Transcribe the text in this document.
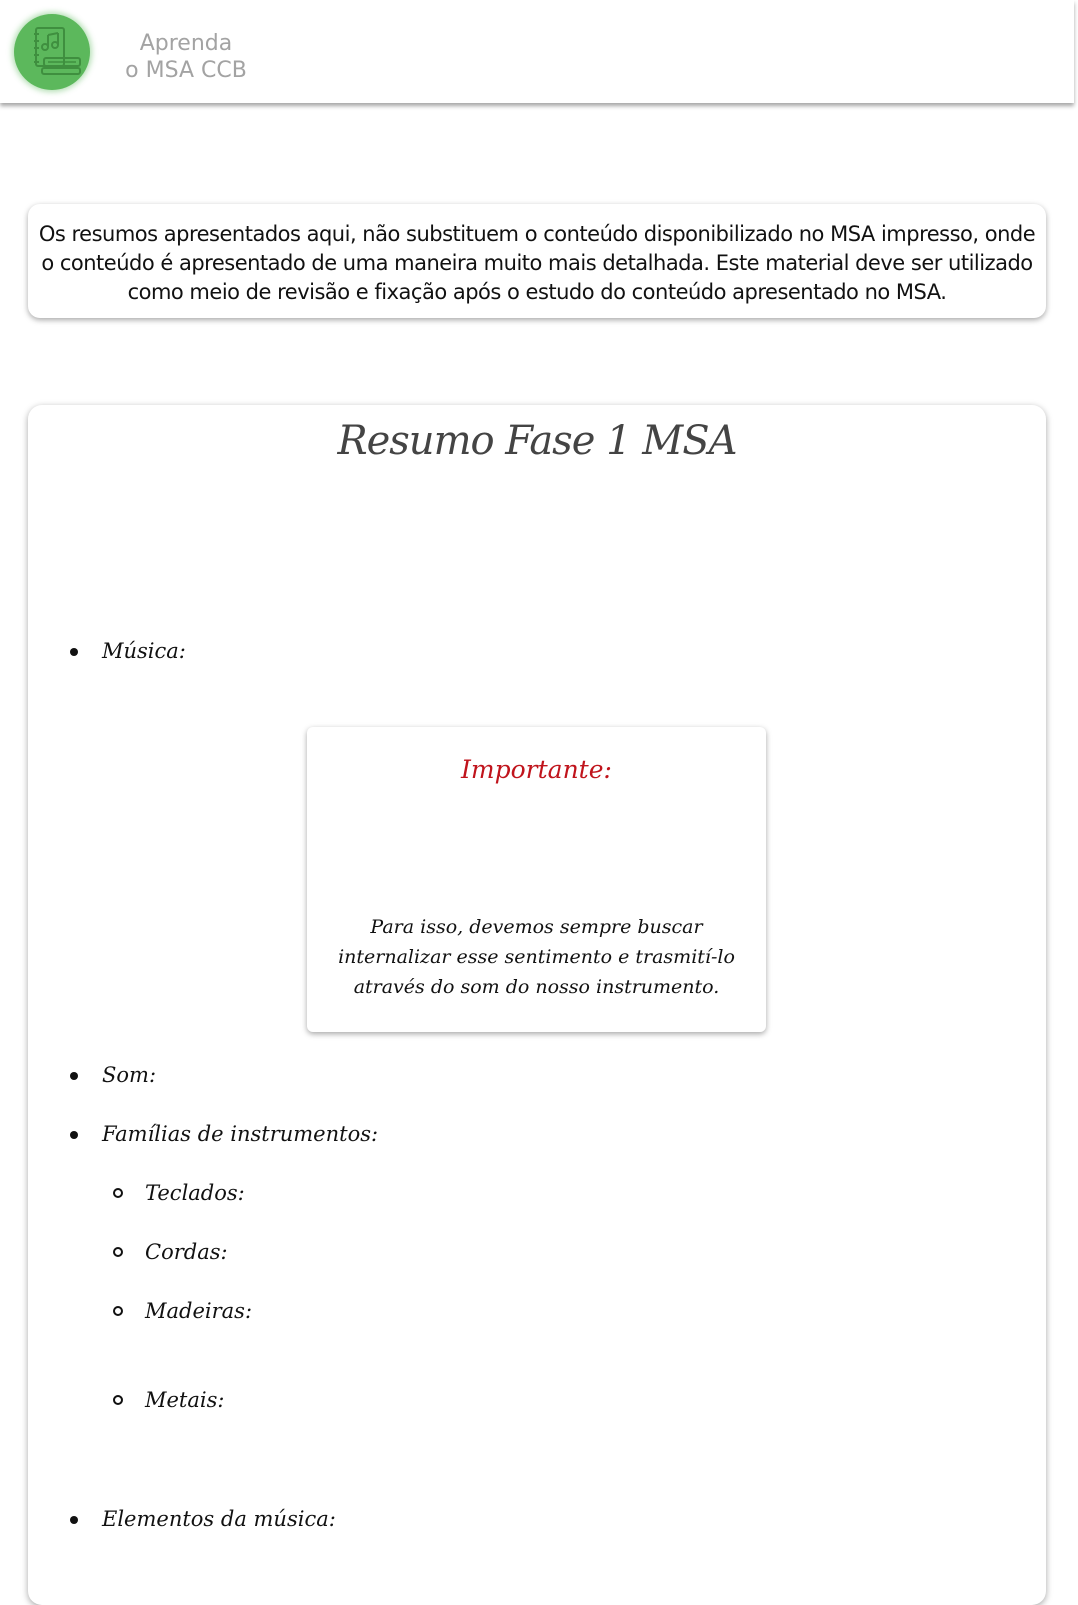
Aprenda
o MSA CCB
Os resumos apresentados aqui, não substituem o conteúdo disponibilizado no MSA impresso, onde o conteúdo é apresentado de uma maneira muito mais detalhada. Este material deve ser utilizado como meio de revisão e fixação após o estudo do conteúdo apresentado no MSA.
Resumo Fase 1 MSA
Música:
Importante:
Para isso, devemos sempre buscar internalizar esse sentimento e trasmití-lo através do som do nosso instrumento.
Som:
Famílias de instrumentos:
Teclados:
Cordas:
Madeiras:
Metais:
Elementos da música:
